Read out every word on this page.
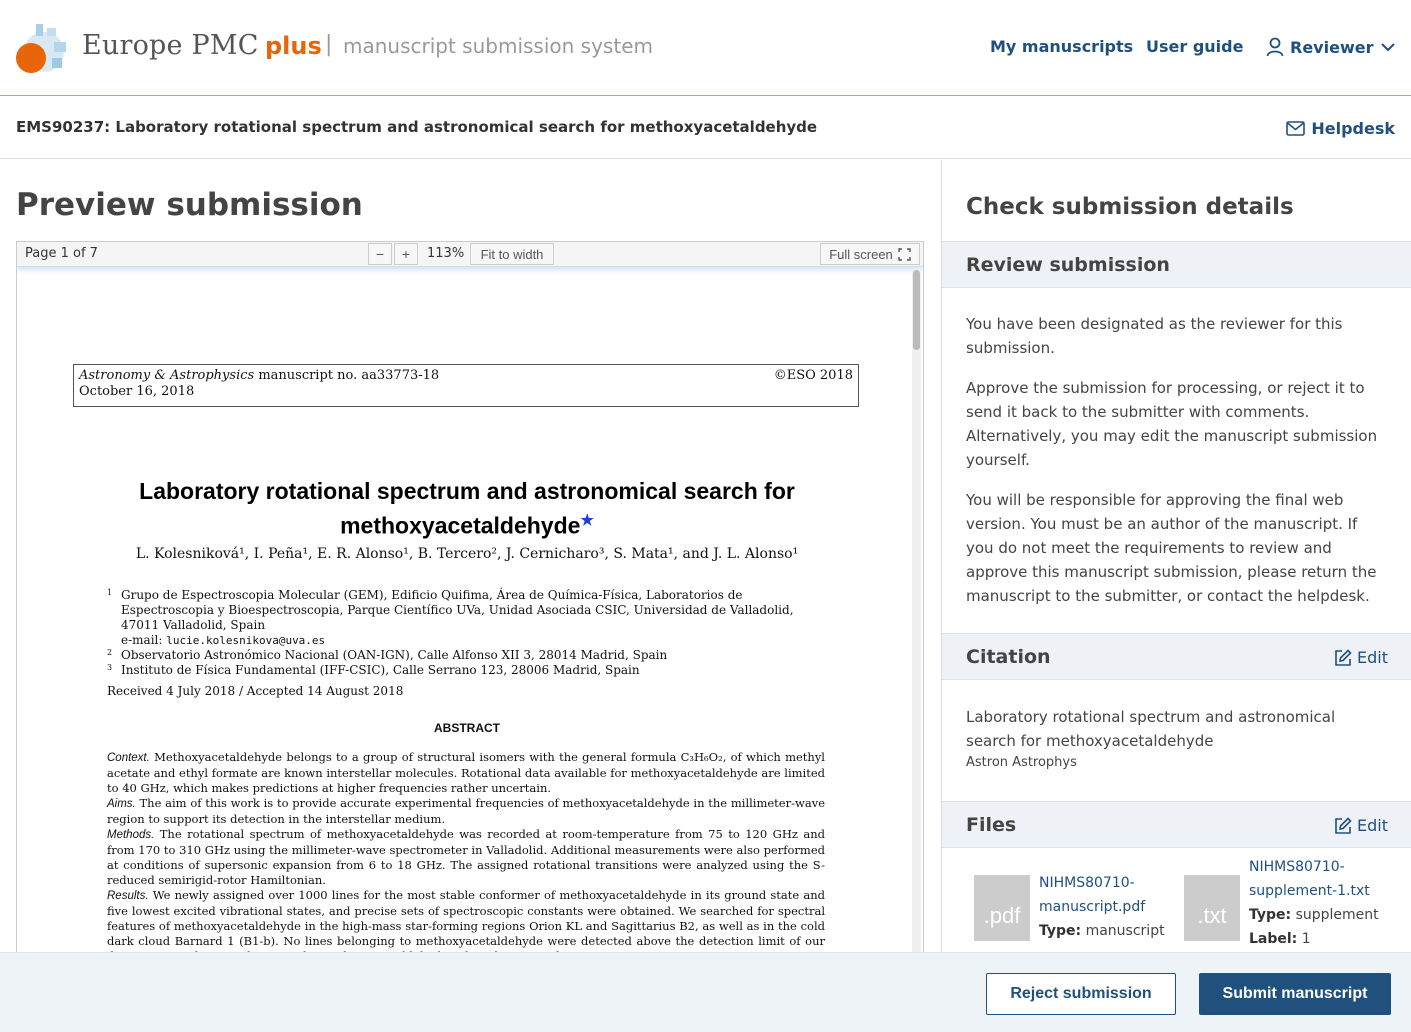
Europe PMC plus | manuscript submission system	My manuscripts User guide	Reviewer
EMS90237: Laboratory rotational spectrum and astronomical search for methoxyacetaldehyde	Helpdesk
Preview submission
Page 1 of 7	−	+	113%	Fit to width	Full screen
Astronomy & Astrophysics manuscript no. aa33773-18
October 16, 2018
©ESO 2018
Laboratory rotational spectrum and astronomical search for methoxyacetaldehyde★
L. Kolesniková¹, I. Peña¹, E. R. Alonso¹, B. Tercero², J. Cernicharo³, S. Mata¹, and J. L. Alonso¹
1 Grupo de Espectroscopia Molecular (GEM), Edificio Quifima, Área de Química-Física, Laboratorios de Espectroscopia y Bioespectroscopia, Parque Científico UVa, Unidad Asociada CSIC, Universidad de Valladolid, 47011 Valladolid, Spain
e-mail: lucie.kolesnikova@uva.es
2 Observatorio Astronómico Nacional (OAN-IGN), Calle Alfonso XII 3, 28014 Madrid, Spain
3 Instituto de Física Fundamental (IFF-CSIC), Calle Serrano 123, 28006 Madrid, Spain
Received 4 July 2018 / Accepted 14 August 2018
ABSTRACT
Context. Methoxyacetaldehyde belongs to a group of structural isomers with the general formula C₃H₆O₂, of which methyl acetate and ethyl formate are known interstellar molecules. Rotational data available for methoxyacetaldehyde are limited to 40 GHz, which makes predictions at higher frequencies rather uncertain.
Aims. The aim of this work is to provide accurate experimental frequencies of methoxyacetaldehyde in the millimeter-wave region to support its detection in the interstellar medium.
Methods. The rotational spectrum of methoxyacetaldehyde was recorded at room-temperature from 75 to 120 GHz and from 170 to 310 GHz using the millimeter-wave spectrometer in Valladolid. Additional measurements were also performed at conditions of supersonic expansion from 6 to 18 GHz. The assigned rotational transitions were analyzed using the S-reduced semirigid-rotor Hamiltonian.
Results. We newly assigned over 1000 lines for the most stable conformer of methoxyacetaldehyde in its ground state and five lowest excited vibrational states, and precise sets of spectroscopic constants were obtained. We searched for spectral features of methoxyacetaldehyde in the high-mass star-forming regions Orion KL and Sagittarius B2, as well as in the cold dark cloud Barnard 1 (B1-b). No lines belonging to methoxyacetaldehyde were detected above the detection limit of our
Check submission details
Review submission

You have been designated as the reviewer for this submission.

Approve the submission for processing, or reject it to send it back to the submitter with comments. Alternatively, you may edit the manuscript submission yourself.

You will be responsible for approving the final web version. You must be an author of the manuscript. If you do not meet the requirements to review and approve this manuscript submission, please return the manuscript to the submitter, or contact the helpdesk.

Citation	Edit
Laboratory rotational spectrum and astronomical search for methoxyacetaldehyde
Astron Astrophys
Files	Edit
.pdf
NIHMS80710-manuscript.pdf
Type: manuscript
.txt
NIHMS80710-supplement-1.txt
Type: supplement
Label: 1
Reject submission	Submit manuscript
